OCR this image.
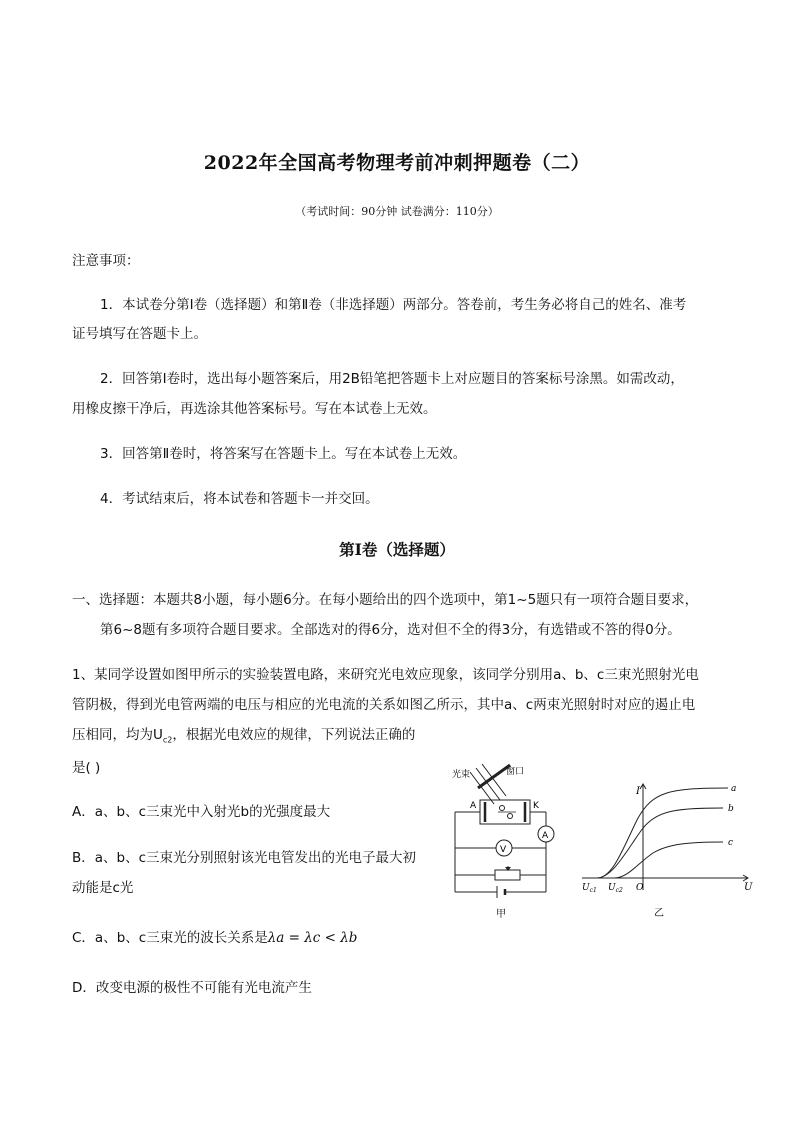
2022年全国高考物理考前冲刺押题卷（二）
（考试时间：90分钟 试卷满分：110分）
注意事项：
1．本试卷分第Ⅰ卷（选择题）和第Ⅱ卷（非选择题）两部分。答卷前，考生务必将自己的姓名、准考
证号填写在答题卡上。
2．回答第Ⅰ卷时，选出每小题答案后，用2B铅笔把答题卡上对应题目的答案标号涂黑。如需改动，
用橡皮擦干净后，再选涂其他答案标号。写在本试卷上无效。
3．回答第Ⅱ卷时，将答案写在答题卡上。写在本试卷上无效。
4．考试结束后，将本试卷和答题卡一并交回。
第Ⅰ卷（选择题）
一、选择题：本题共8小题，每小题6分。在每小题给出的四个选项中，第1~5题只有一项符合题目要求，
第6~8题有多项符合题目要求。全部选对的得6分，选对但不全的得3分，有选错或不答的得0分。
1、某同学设置如图甲所示的实验装置电路，来研究光电效应现象，该同学分别用a、b、c三束光照射光电
管阴极，得到光电管两端的电压与相应的光电流的关系如图乙所示，其中a、c两束光照射时对应的遏止电
压相同，均为$U_{c2}$，根据光电效应的规律，下列说法正确的
是( )
A．a、b、c三束光中入射光b的光强度最大
B．a、b、c三束光分别照射该光电管发出的光电子最大初
动能是c光
C．a、b、c三束光的波长关系是λa = λc < λb
D．改变电源的极性不可能有光电流产生
光束	窗口
A	K
A
V
甲
I
U
O
$U_{c1}$ $U_{c2}$
a
b
c
乙
